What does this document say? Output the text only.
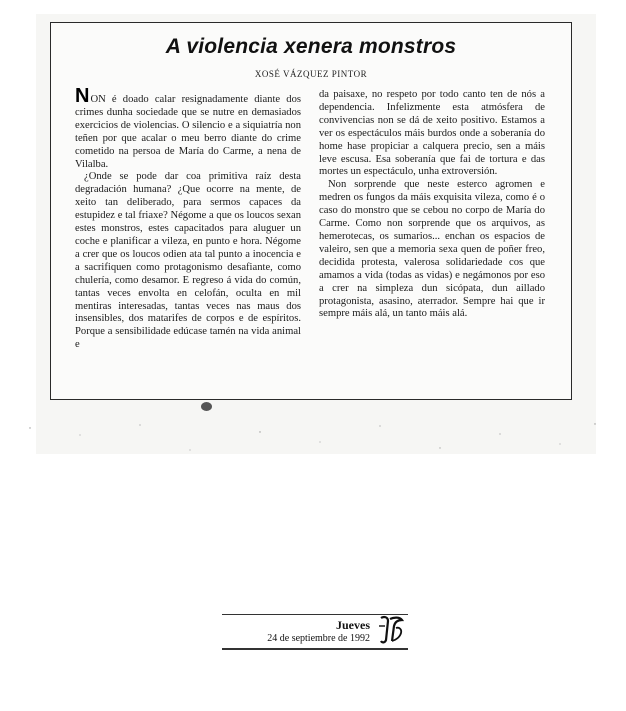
A violencia xenera monstros
XOSÉ VÁZQUEZ PINTOR

NON é doado calar resignadamente diante dos crimes dunha sociedade que se nutre en demasiados exercicios de violencias. O silencio e a siquiatría non teñen por que acalar o meu berro diante do crime cometido na persoa de María do Carme, a nena de Vilalba.

¿Onde se pode dar coa primitiva raíz desta degradación humana? ¿Que ocorre na mente, de xeito tan deliberado, para sermos capaces da estupidez e tal friaxe? Négome a que os loucos sexan estes monstros, estes capacitados para aluguer un coche e planificar a vileza, en punto e hora. Négome a crer que os loucos odien ata tal punto a inocencia e a sacrifiquen como protagonismo desafiante, como chulería, como desamor. E regreso á vida do común, tantas veces envolta en celofán, oculta en mil mentiras interesadas, tantas veces nas maus dos insensibles, dos matarifes de corpos e de espíritos. Porque a sensibilidade edúcase tamén na vida animal e

da paisaxe, no respeto por todo canto ten de nós a dependencia. Infelizmente esta atmósfera de convivencias non se dá de xeito positivo. Estamos a ver os espectáculos máis burdos onde a soberanía do home hase propiciar a calquera precio, sen a máis leve escusa. Esa soberanía que fai de tortura e das mortes un espectáculo, unha extroversión.

Non sorprende que neste esterco agromen e medren os fungos da máis exquisita vileza, como é o caso do monstro que se cebou no corpo de María do Carme. Como non sorprende que os arquivos, as hemerotecas, os sumarios... enchan os espacios de valeiro, sen que a memoria sexa quen de poñer freo, decidida protesta, valerosa solidariedade cos que amamos a vida (todas as vidas) e negámonos por eso a crer na simpleza dun sicópata, dun aillado protagonista, asasino, aterrador. Sempre hai que ir sempre máis alá, un tanto máis alá.

Jueves
24 de septiembre de 1992
